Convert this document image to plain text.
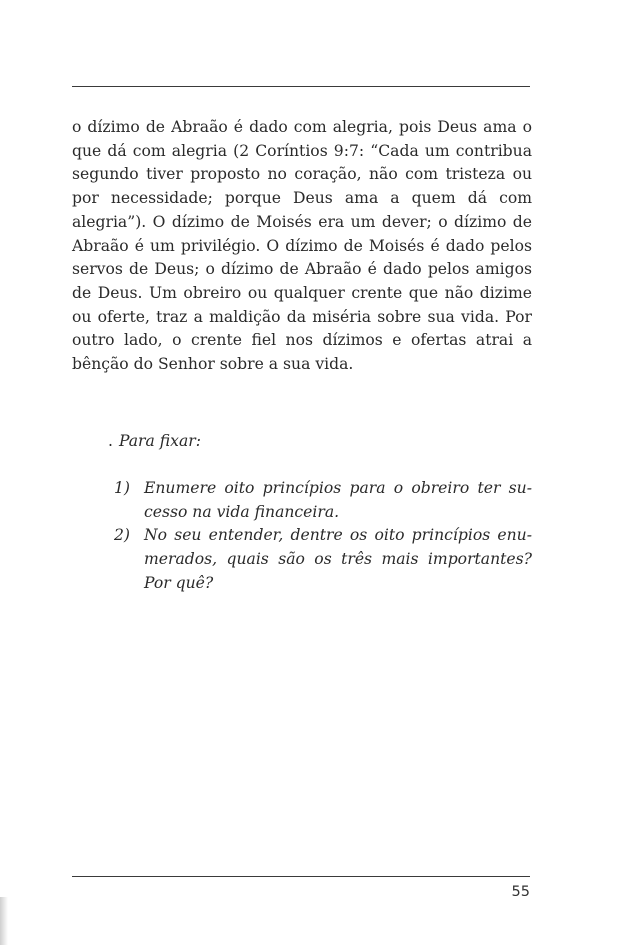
o dízimo de Abraão é dado com alegria, pois Deus ama o que dá com alegria (2 Coríntios 9:7: “Cada um contribua segundo tiver proposto no coração, não com tristeza ou por necessidade; porque Deus ama a quem dá com alegria”). O dízimo de Moisés era um dever; o dízimo de Abraão é um privilégio. O dízimo de Moisés é dado pelos servos de Deus; o dízimo de Abraão é dado pelos amigos de Deus. Um obreiro ou qualquer crente que não dizime ou oferte, traz a maldição da miséria sobre sua vida. Por outro lado, o crente fiel nos dízimos e ofertas atrai a bênção do Senhor sobre a sua vida.

. Para fixar:

1) Enumere oito princípios para o obreiro ter sucesso na vida financeira.
2) No seu entender, dentre os oito princípios enumerados, quais são os três mais importantes? Por quê?
55
